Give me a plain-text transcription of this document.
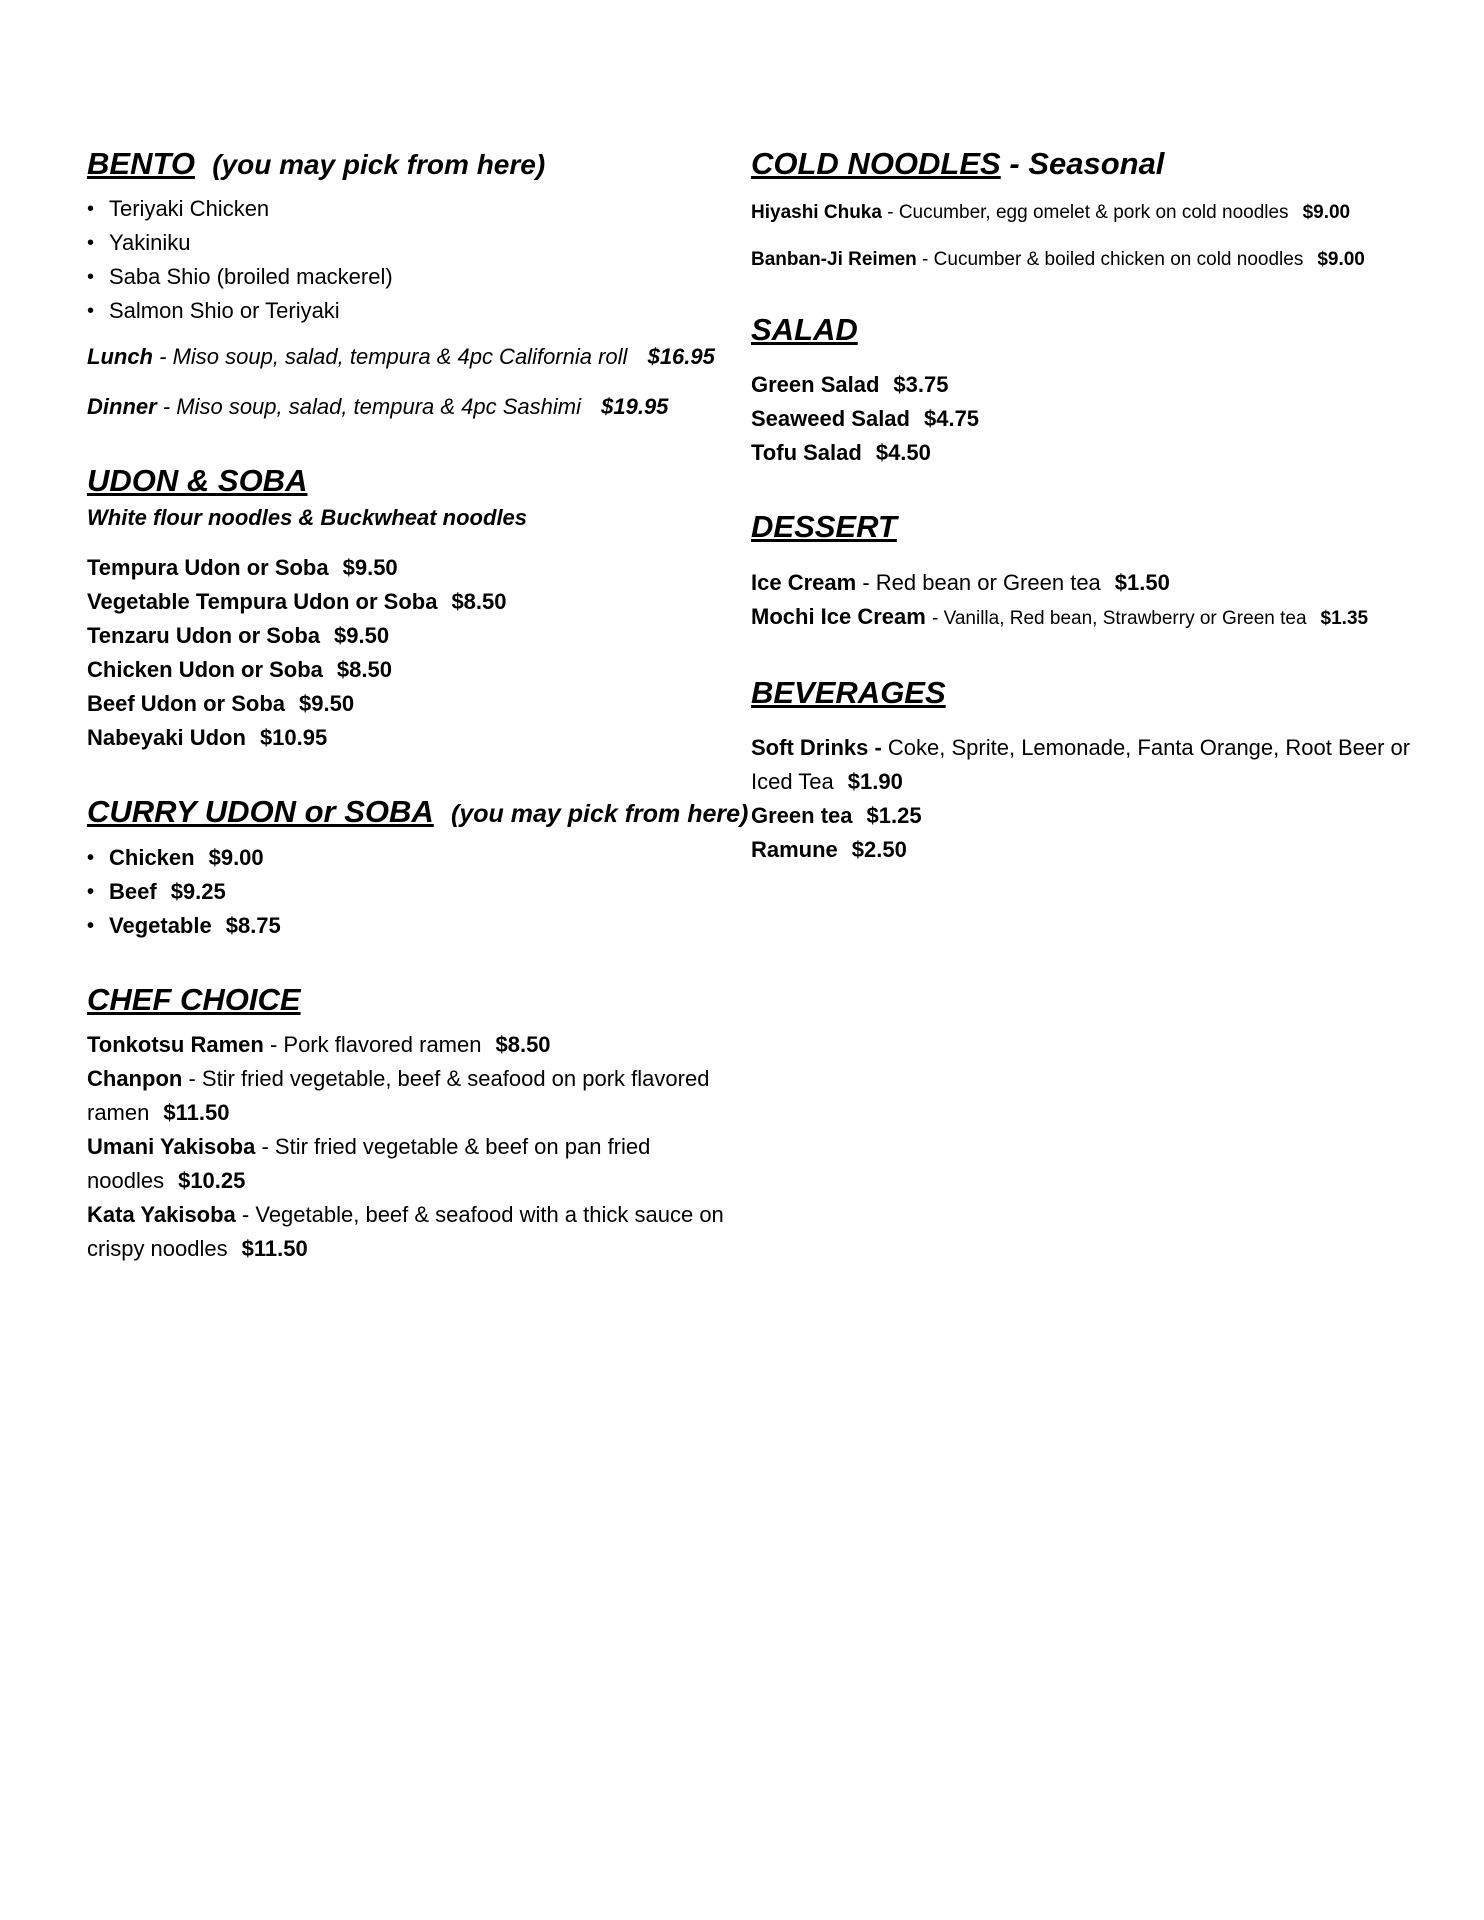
BENTO (you may pick from here)
• Teriyaki Chicken
• Yakiniku
• Saba Shio (broiled mackerel)
• Salmon Shio or Teriyaki
Lunch - Miso soup, salad, tempura & 4pc California roll $16.95
Dinner - Miso soup, salad, tempura & 4pc Sashimi $19.95
UDON & SOBA
White flour noodles & Buckwheat noodles
Tempura Udon or Soba $9.50
Vegetable Tempura Udon or Soba $8.50
Tenzaru Udon or Soba $9.50
Chicken Udon or Soba $8.50
Beef Udon or Soba $9.50
Nabeyaki Udon $10.95
CURRY UDON or SOBA (you may pick from here)
• Chicken $9.00
• Beef $9.25
• Vegetable $8.75
CHEF CHOICE
Tonkotsu Ramen - Pork flavored ramen $8.50
Chanpon - Stir fried vegetable, beef & seafood on pork flavored ramen $11.50
Umani Yakisoba - Stir fried vegetable & beef on pan fried noodles $10.25
Kata Yakisoba - Vegetable, beef & seafood with a thick sauce on crispy noodles $11.50
COLD NOODLES - Seasonal
Hiyashi Chuka - Cucumber, egg omelet & pork on cold noodles $9.00
Banban-Ji Reimen - Cucumber & boiled chicken on cold noodles $9.00
SALAD
Green Salad $3.75
Seaweed Salad $4.75
Tofu Salad $4.50
DESSERT
Ice Cream - Red bean or Green tea $1.50
Mochi Ice Cream - Vanilla, Red bean, Strawberry or Green tea $1.35
BEVERAGES
Soft Drinks - Coke, Sprite, Lemonade, Fanta Orange, Root Beer or Iced Tea $1.90
Green tea $1.25
Ramune $2.50
